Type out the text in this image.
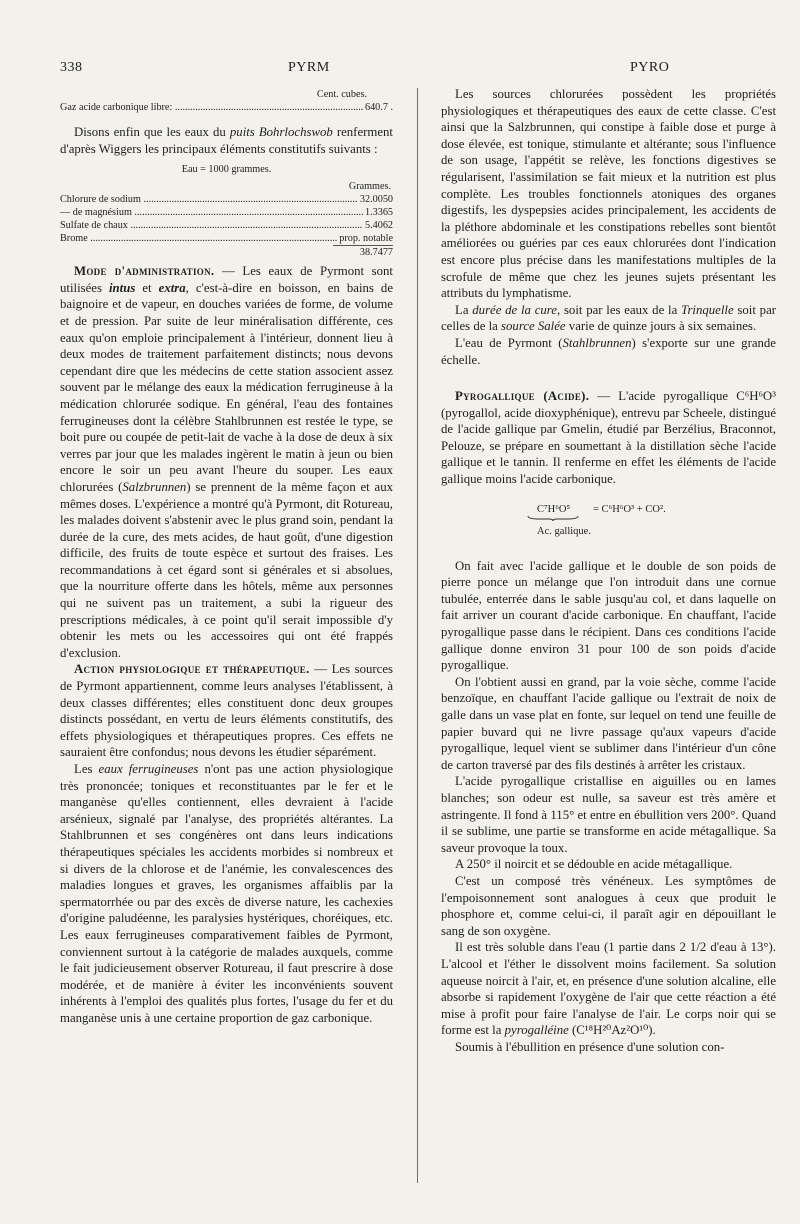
338	PYRM	PYRO
Cent. cubes.
Gaz acide carbonique libre: .....	640.7 .

Disons enfin que les eaux du puits Bohrlochswob renferment d'après Wiggers les principaux éléments constitutifs suivants :

Eau = 1000 grammes.
Grammes.
Chlorure de sodium .....	32.0050
— de magnésium .....	1.3365
Sulfate de chaux .....	5.4062
Brome .....	prop. notable
38.7477

Mode d'administration. — Les eaux de Pyrmont sont utilisées intus et extra, c'est-à-dire en boisson, en bains de baignoire et de vapeur, en douches variées de forme, de volume et de pression. Par suite de leur minéralisation différente, ces eaux qu'on emploie principalement à l'intérieur, donnent lieu à deux modes de traitement parfaitement distincts; nous devons cependant dire que les médecins de cette station associent assez souvent par le mélange des eaux la médication ferrugineuse à la médication chlorurée sodique. En général, l'eau des fontaines ferrugineuses dont la célèbre Stahlbrunnen est restée le type, se boit pure ou coupée de petit-lait de vache à la dose de deux à six verres par jour que les malades ingèrent le matin à jeun ou bien encore le soir un peu avant l'heure du souper. Les eaux chlorurées (Salzbrunnen) se prennent de la même façon et aux mêmes doses. L'expérience a montré qu'à Pyrmont, dit Rotureau, les malades doivent s'abstenir avec le plus grand soin, pendant la durée de la cure, des mets acides, de haut goût, d'une digestion difficile, des fruits de toute espèce et surtout des fraises. Les recommandations à cet égard sont si générales et si absolues, que la nourriture offerte dans les hôtels, même aux personnes qui ne suivent pas un traitement, a subi la rigueur des prescriptions médicales, à ce point qu'il serait impossible d'y obtenir les mets ou les accessoires qui ont été frappés d'exclusion.

Action physiologique et thérapeutique. — Les sources de Pyrmont appartiennent, comme leurs analyses l'établissent, à deux classes différentes; elles constituent donc deux groupes distincts possédant, en vertu de leurs éléments constitutifs, des effets physiologiques et thérapeutiques propres. Ces effets ne sauraient être confondus; nous devons les étudier séparément.

Les eaux ferrugineuses n'ont pas une action physiologique très prononcée; toniques et reconstituantes par le fer et le manganèse qu'elles contiennent, elles devraient à l'acide arsénieux, signalé par l'analyse, des propriétés altérantes. La Stahlbrunnen et ses congénères ont dans leurs indications thérapeutiques spéciales les accidents morbides si nombreux et si divers de la chlorose et de l'anémie, les convalescences des maladies longues et graves, les organismes affaiblis par la spermatorrhée ou par des excès de diverse nature, les cachexies d'origine paludéenne, les paralysies hystériques, choréiques, etc. Les eaux ferrugineuses comparativement faibles de Pyrmont, conviennent surtout à la catégorie de malades auxquels, comme le fait judicieusement observer Rotureau, il faut prescrire à dose modérée, et de manière à éviter les inconvénients souvent inhérents à l'emploi des qualités plus fortes, l'usage du fer et du manganèse unis à une certaine proportion de gaz carbonique.

Les sources chlorurées possèdent les propriétés physiologiques et thérapeutiques des eaux de cette classe. C'est ainsi que la Salzbrunnen, qui constipe à faible dose et purge à dose élevée, est tonique, stimulante et altérante; sous l'influence de son usage, l'appétit se relève, les fonctions digestives se régularisent, l'assimilation se fait mieux et la nutrition est plus complète. Les troubles fonctionnels atoniques des organes digestifs, les dyspepsies acides principalement, les accidents de la pléthore abdominale et les constipations rebelles sont bientôt améliorées ou guéries par ces eaux chlorurées dont l'indication est encore plus précise dans les manifestations multiples de la scrofule de même que chez les jeunes sujets présentant les attributs du lymphatisme.

La durée de la cure, soit par les eaux de la Trinquelle soit par celles de la source Salée varie de quinze jours à six semaines.

L'eau de Pyrmont (Stahlbrunnen) s'exporte sur une grande échelle.

Pyrogallique (Acide). — L'acide pyrogallique C⁶H⁶O³ (pyrogallol, acide dioxyphénique), entrevu par Scheele, distingué de l'acide gallique par Gmelin, étudié par Berzélius, Braconnot, Pelouze, se prépare en soumettant à la distillation sèche l'acide gallique et le tannin. Il renferme en effet les éléments de l'acide gallique moins l'acide carbonique.

C⁷H⁶O⁵ = C⁶H⁶O³ + CO².
Ac. gallique.

On fait avec l'acide gallique et le double de son poids de pierre ponce un mélange que l'on introduit dans une cornue tubulée, enterrée dans le sable jusqu'au col, et dans laquelle on fait arriver un courant d'acide carbonique. En chauffant, l'acide pyrogallique passe dans le récipient. Dans ces conditions l'acide gallique donne environ 31 pour 100 de son poids d'acide pyrogallique.

On l'obtient aussi en grand, par la voie sèche, comme l'acide benzoïque, en chauffant l'acide gallique ou l'extrait de noix de galle dans un vase plat en fonte, sur lequel on tend une feuille de papier buvard qui ne livre passage qu'aux vapeurs d'acide pyrogallique, lequel vient se sublimer dans l'intérieur d'un cône de carton traversé par des fils destinés à arrêter les cristaux.

L'acide pyrogallique cristallise en aiguilles ou en lames blanches; son odeur est nulle, sa saveur est très amère et astringente. Il fond à 115° et entre en ébullition vers 200°. Quand il se sublime, une partie se transforme en acide métagallique. Sa saveur provoque la toux.

A 250° il noircit et se dédouble en acide métagallique.

C'est un composé très vénéneux. Les symptômes de l'empoisonnement sont analogues à ceux que produit le phosphore et, comme celui-ci, il paraît agir en dépouillant le sang de son oxygène.

Il est très soluble dans l'eau (1 partie dans 2 1/2 d'eau à 13°). L'alcool et l'éther le dissolvent moins facilement. Sa solution aqueuse noircit à l'air, et, en présence d'une solution alcaline, elle absorbe si rapidement l'oxygène de l'air que cette réaction a été mise à profit pour faire l'analyse de l'air. Le corps noir qui se forme est la pyrogalléine (C¹⁸H²⁰Az²O¹⁰).

Soumis à l'ébullition en présence d'une solution con-
